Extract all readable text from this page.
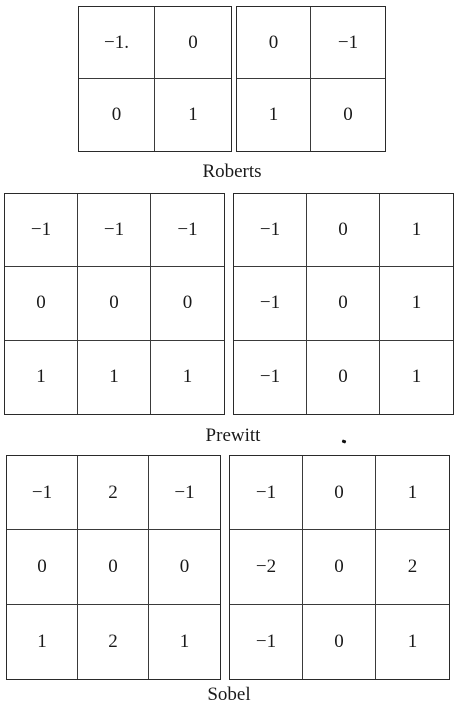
−1.	0
0	1
0	−1
1	0
Roberts
−1	−1	−1
0	0	0
1	1	1
−1	0	1
−1	0	1
−1	0	1
Prewitt
−1	2	−1
0	0	0
1	2	1
−1	0	1
−2	0	2
−1	0	1
Sobel
